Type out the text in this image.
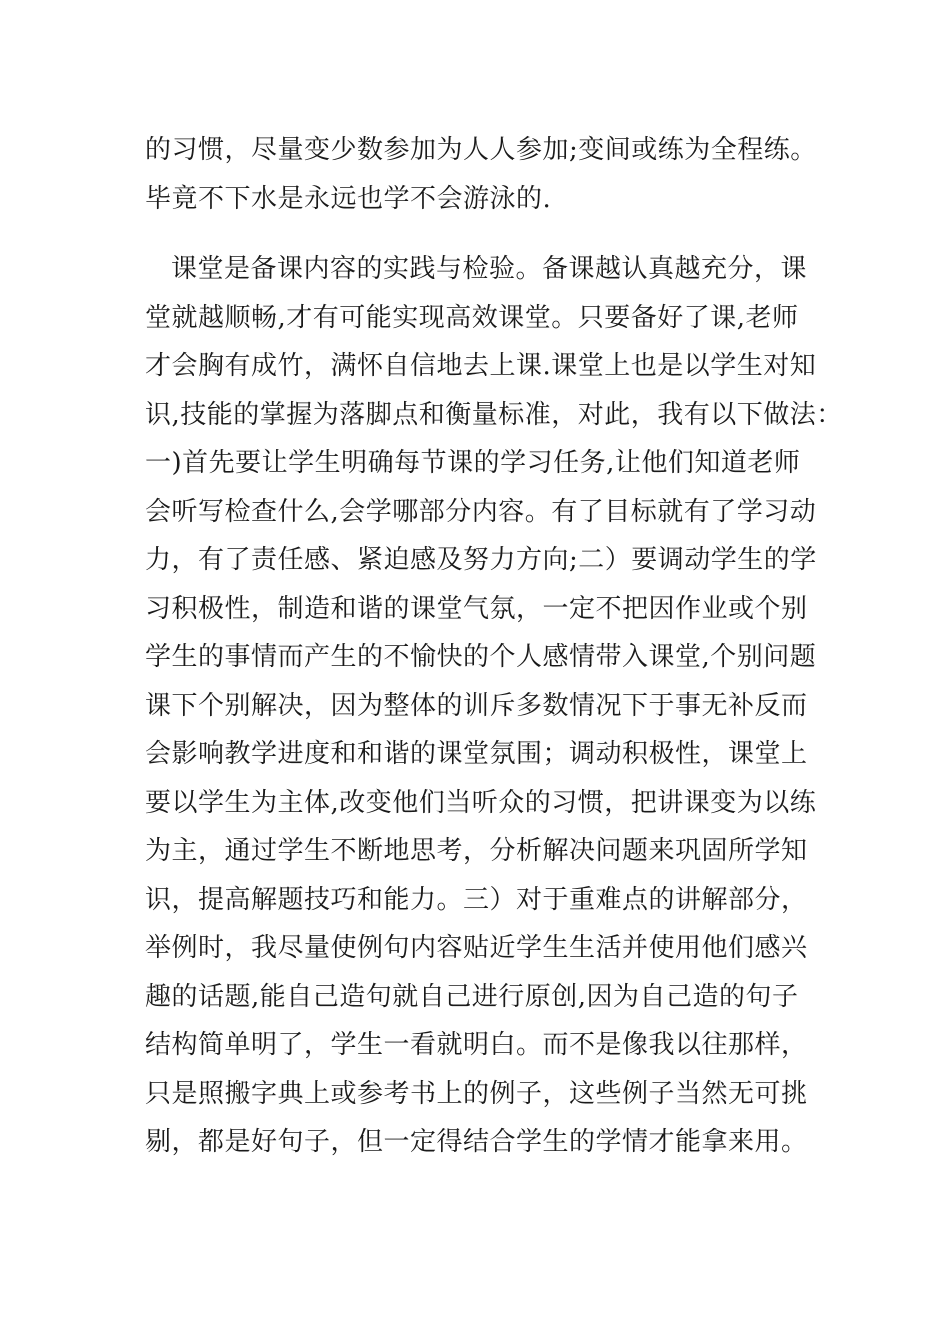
的习惯，尽量变少数参加为人人参加;变间或练为全程练。
毕竟不下水是永远也学不会游泳的.
课堂是备课内容的实践与检验。备课越认真越充分，课
堂就越顺畅,才有可能实现高效课堂。只要备好了课,老师
才会胸有成竹，满怀自信地去上课.课堂上也是以学生对知
识,技能的掌握为落脚点和衡量标准，对此，我有以下做法：
一)首先要让学生明确每节课的学习任务,让他们知道老师
会听写检查什么,会学哪部分内容。有了目标就有了学习动
力，有了责任感、紧迫感及努力方向;二）要调动学生的学
习积极性，制造和谐的课堂气氛，一定不把因作业或个别
学生的事情而产生的不愉快的个人感情带入课堂,个别问题
课下个别解决，因为整体的训斥多数情况下于事无补反而
会影响教学进度和和谐的课堂氛围；调动积极性，课堂上
要以学生为主体,改变他们当听众的习惯，把讲课变为以练
为主，通过学生不断地思考，分析解决问题来巩固所学知
识，提高解题技巧和能力。三）对于重难点的讲解部分，
举例时，我尽量使例句内容贴近学生生活并使用他们感兴
趣的话题,能自己造句就自己进行原创,因为自己造的句子
结构简单明了，学生一看就明白。而不是像我以往那样，
只是照搬字典上或参考书上的例子，这些例子当然无可挑
剔，都是好句子，但一定得结合学生的学情才能拿来用。
